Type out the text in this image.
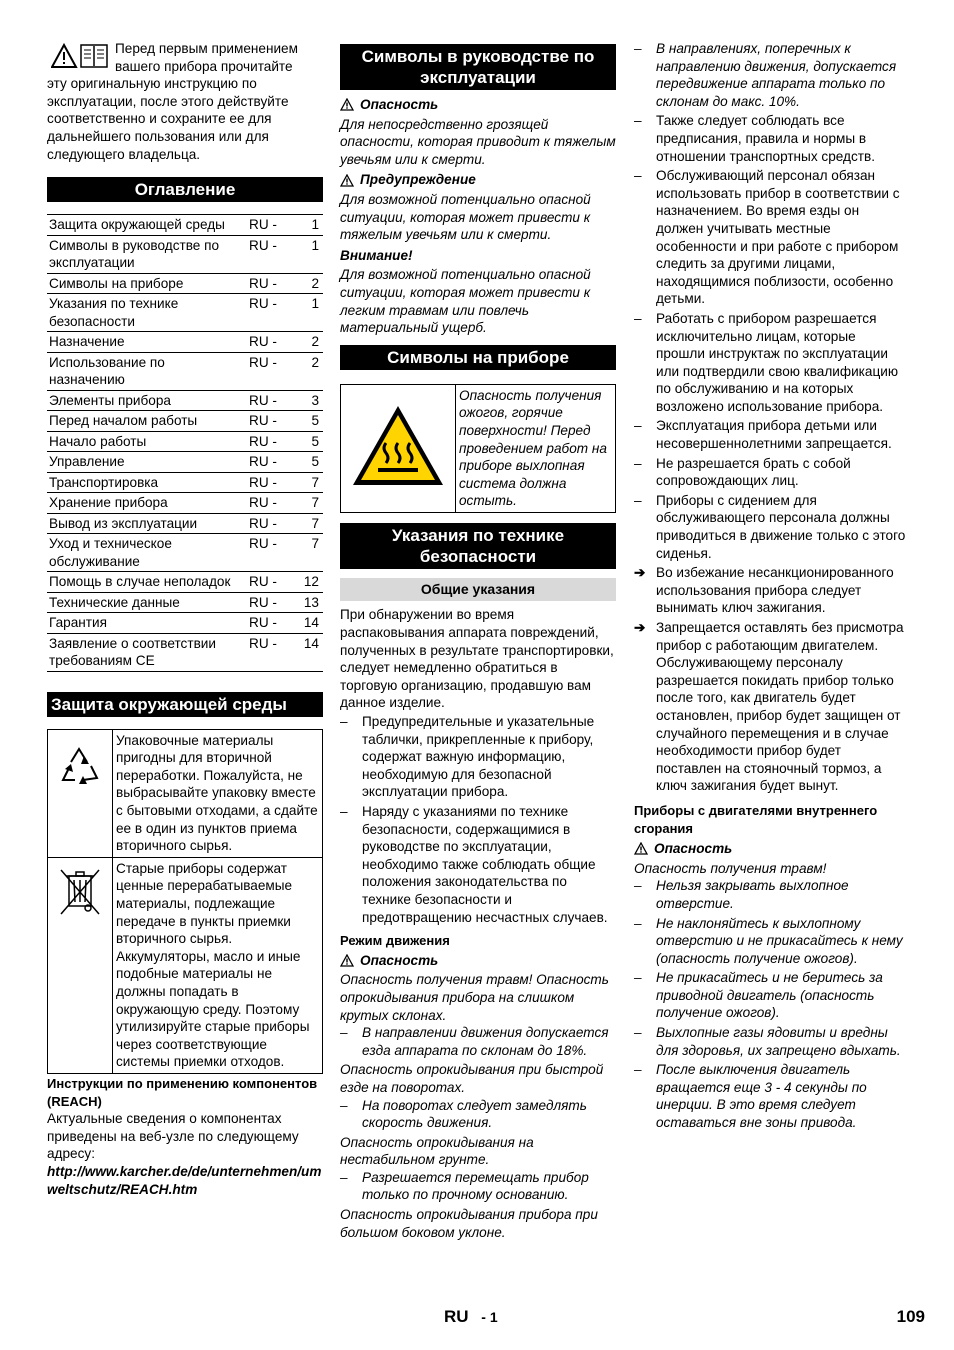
Перед первым применением вашего прибора прочитайте

эту оригинальную инструкцию по эксплуатации, после этого действуйте соответственно и сохраните ее для дальнейшего пользования или для следующего владельца.

Оглавление
Защита окружающей среды	RU -	1
Символы в руководстве по эксплуатации	RU -	1
Символы на приборе	RU -	2
Указания по технике безопасности	RU -	1
Назначение	RU -	2
Использование по назначению	RU -	2
Элементы прибора	RU -	3
Перед началом работы	RU -	5
Начало работы	RU -	5
Управление	RU -	5
Транспортировка	RU -	7
Хранение прибора	RU -	7
Вывод из эксплуатации	RU -	7
Уход и техническое обслуживание	RU -	7
Помощь в случае неполадок	RU -	12
Технические данные	RU -	13
Гарантия	RU -	14
Заявление о соответствии требованиям CE	RU -	14
Защита окружающей среды
	Упаковочные материалы пригодны для вторичной переработки. Пожалуйста, не выбрасывайте упаковку вместе с бытовыми отходами, а сдайте ее в один из пунктов приема вторичного сырья.
	Старые приборы содержат ценные перерабатываемые материалы, подлежащие передаче в пункты приемки вторичного сырья. Аккумуляторы, масло и иные подобные материалы не должны попадать в окружающую среду. Поэтому утилизируйте старые приборы через соответствующие системы приемки отходов.

Инструкции по применению компонентов (REACH)

Актуальные сведения о компонентах приведены на веб-узле по следующему адресу:

http://www.karcher.de/de/unternehmen/umweltschutz/REACH.htm

Символы в руководстве по эксплуатации
Опасность

Для непосредственно грозящей опасности, которая приводит к тяжелым увечьям или к смерти.

Предупреждение

Для возможной потенциально опасной ситуации, которая может привести к тяжелым увечьям или к смерти.

Внимание!

Для возможной потенциально опасной ситуации, которая может привести к легким травмам или повлечь материальный ущерб.

Символы на приборе
	Опасность получения ожогов, горячие поверхности! Перед проведением работ на приборе выхлопная система должна остыть.
Указания по технике безопасности
Общие указания

При обнаружении во время распаковывания аппарата повреждений, полученных в результате транспортировки, следует немедленно обратиться в торговую организацию, продавшую вам данное изделие.

– Предупредительные и указательные таблички, прикрепленные к прибору, содержат важную информацию, необходимую для безопасной эксплуатации прибора.
– Наряду с указаниями по технике безопасности, содержащимися в руководстве по эксплуатации, необходимо также соблюдать общие положения законодательства по технике безопасности и предотвращению несчастных случаев.

Режим движения

Опасность

Опасность получения травм! Опасность опрокидывания прибора на слишком крутых склонах.

– В направлении движения допускается езда аппарата по склонам до 18%.

Опасность опрокидывания при быстрой езде на поворотах.

– На поворотах следует замедлять скорость движения.

Опасность опрокидывания на нестабильном грунте.

– Разрешается перемещать прибор только по прочному основанию.

Опасность опрокидывания прибора при большом боковом уклоне.

– В направлениях, поперечных к направлению движения, допускается передвижение аппарата только по склонам до макс. 10%.
– Также следует соблюдать все предписания, правила и нормы в отношении транспортных средств.
– Обслуживающий персонал обязан использовать прибор в соответствии с назначением. Во время езды он должен учитывать местные особенности и при работе с прибором следить за другими лицами, находящимися поблизости, особенно детьми.
– Работать с прибором разрешается исключительно лицам, которые прошли инструктаж по эксплуатации или подтвердили свою квалификацию по обслуживанию и на которых возложено использование прибора.
– Эксплуатация прибора детьми или несовершеннолетними запрещается.
– Не разрешается брать с собой сопровождающих лиц.
– Приборы с сидением для обслуживающего персонала должны приводиться в движение только с этого сиденья.
➔ Во избежание несанкционированного использования прибора следует вынимать ключ зажигания.
➔ Запрещается оставлять без присмотра прибор с работающим двигателем. Обслуживающему персоналу разрешается покидать прибор только после того, как двигатель будет остановлен, прибор будет защищен от случайного перемещения и в случае необходимости прибор будет поставлен на стояночный тормоз, а ключ зажигания будет вынут.

Приборы с двигателями внутреннего сгорания

Опасность

Опасность получения травм!

– Нельзя закрывать выхлопное отверстие.
– Не наклоняйтесь к выхлопному отверстию и не прикасайтесь к нему (опасность получение ожогов).
– Не прикасайтесь и не беритесь за приводной двигатель (опасность получение ожогов).
– Выхлопные газы ядовиты и вредны для здоровья, их запрещено вдыхать.
– После выключения двигатель вращается еще 3 - 4 секунды по инерции. В это время следует оставаться вне зоны привода.
RU - 1	109
